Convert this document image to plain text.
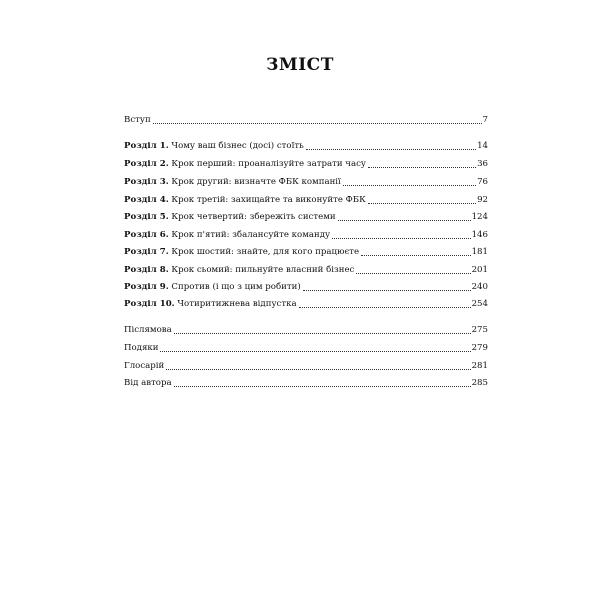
ЗМІСТ
Вступ	7
Розділ 1. Чому ваш бізнес (досі) стоїть	14
Розділ 2. Крок перший: проаналізуйте затрати часу	36
Розділ 3. Крок другий: визначте ФБК компанії	76
Розділ 4. Крок третій: захищайте та виконуйте ФБК	92
Розділ 5. Крок четвертий: збережіть системи	124
Розділ 6. Крок п'ятий: збалансуйте команду	146
Розділ 7. Крок шостий: знайте, для кого працюєте	181
Розділ 8. Крок сьомий: пильнуйте власний бізнес	201
Розділ 9. Спротив (і що з цим робити)	240
Розділ 10. Чотиритижнева відпустка	254
Післямова	275
Подяки	279
Глосарій	281
Від автора	285
